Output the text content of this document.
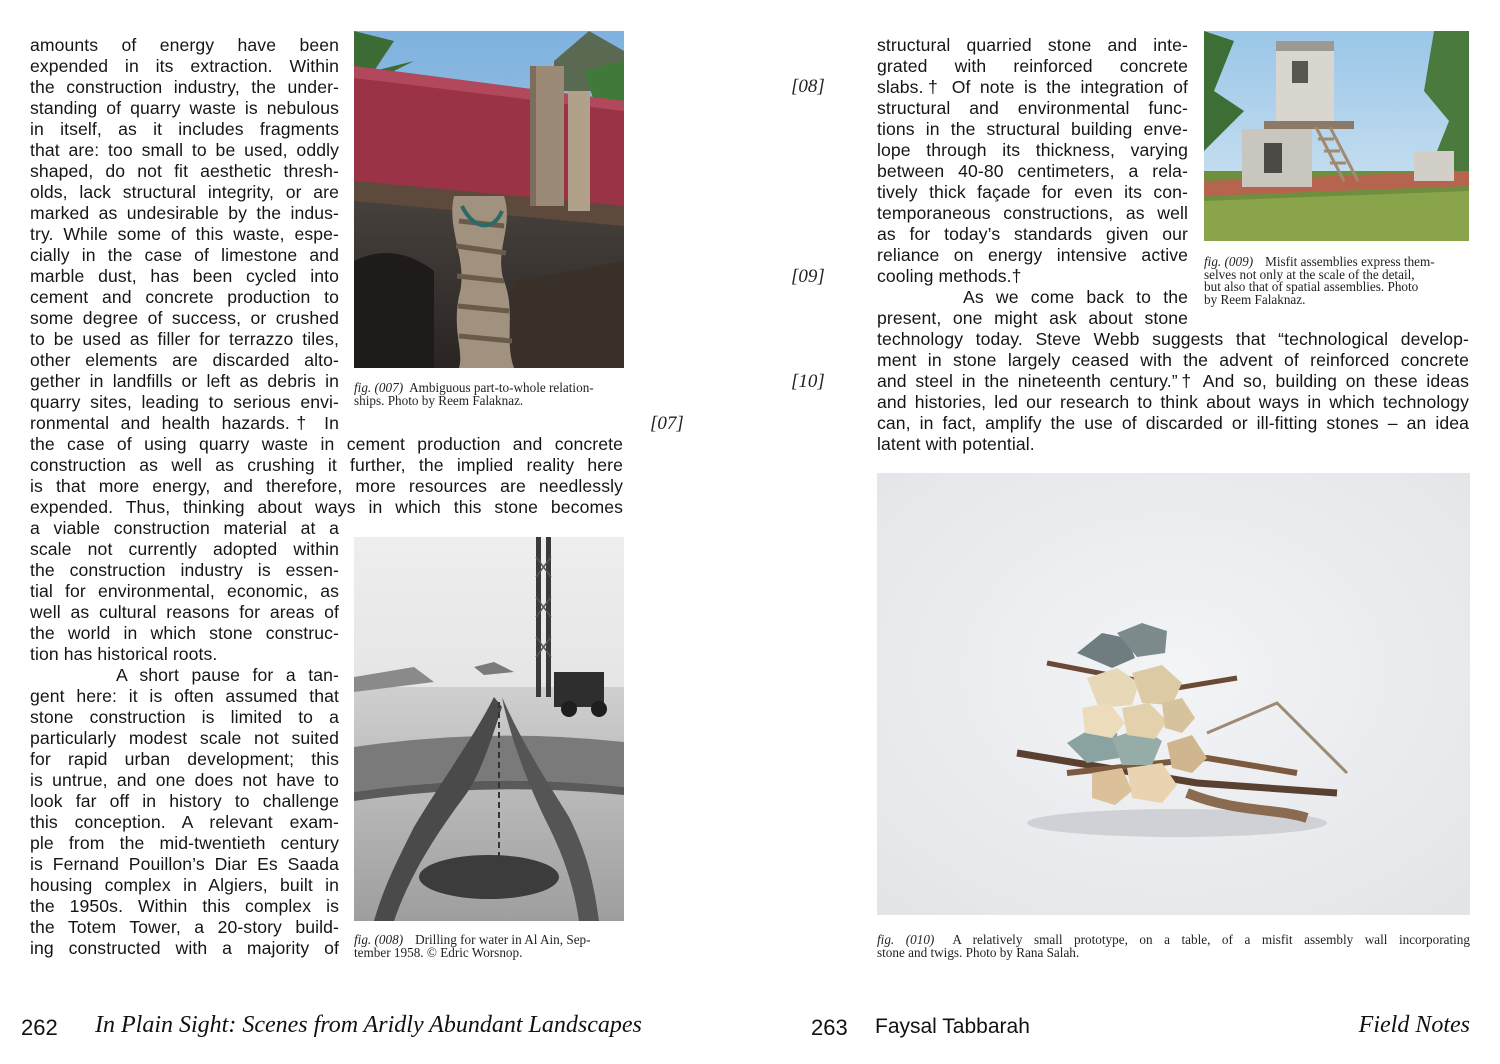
amounts of energy have been

expended in its extraction. Within

the construction industry, the under-

standing of quarry waste is nebulous

in itself, as it includes fragments

that are: too small to be used, oddly

shaped, do not fit aesthetic thresh-

olds, lack structural integrity, or are

marked as undesirable by the indus-

try. While some of this waste, espe-

cially in the case of limestone and

marble dust, has been cycled into

cement and concrete production to

some degree of success, or crushed

to be used as filler for terrazzo tiles,

other elements are discarded alto-

gether in landfills or left as debris in

quarry sites, leading to serious envi-

ronmental and health hazards.† In

the case of using quarry waste in cement production and concrete

construction as well as crushing it further, the implied reality here

is that more energy, and therefore, more resources are needlessly

expended. Thus, thinking about ways in which this stone becomes

a viable construction material at a

scale not currently adopted within

the construction industry is essen-

tial for environmental, economic, as

well as cultural reasons for areas of

the world in which stone construc-

tion has historical roots.

A short pause for a tan-

gent here: it is often assumed that

stone construction is limited to a

particularly modest scale not suited

for rapid urban development; this

is untrue, and one does not have to

look far off in history to challenge

this conception. A relevant exam-

ple from the mid-twentieth century

is Fernand Pouillon’s Diar Es Saada

housing complex in Algiers, built in

the 1950s. Within this complex is

the Totem Tower, a 20-story build-

ing constructed with a majority of

fig. (007) Ambiguous part-to-whole relation-

ships. Photo by Reem Falaknaz.

[07]

fig. (008) Drilling for water in Al Ain, Sep-

tember 1958. © Edric Worsnop.

262 In Plain Sight: Scenes from Aridly Abundant Landscapes
[08]
[09]
[10]

structural quarried stone and inte-

grated with reinforced concrete

slabs.† Of note is the integration of

structural and environmental func-

tions in the structural building enve-

lope through its thickness, varying

between 40-80 centimeters, a rela-

tively thick façade for even its con-

temporaneous constructions, as well

as for today’s standards given our

reliance on energy intensive active

cooling methods.†

As we come back to the

present, one might ask about stone

technology today. Steve Webb suggests that “technological develop-

ment in stone largely ceased with the advent of reinforced concrete

and steel in the nineteenth century.”† And so, building on these ideas

and histories, led our research to think about ways in which technology

can, in fact, amplify the use of discarded or ill-fitting stones – an idea

latent with potential.

fig. (009) Misfit assemblies express them-

selves not only at the scale of the detail,

but also that of spatial assemblies. Photo

by Reem Falaknaz.

fig. (010) A relatively small prototype, on a table, of a misfit assembly wall incorporating

stone and twigs. Photo by Rana Salah.

263 Faysal Tabbarah	Field Notes
